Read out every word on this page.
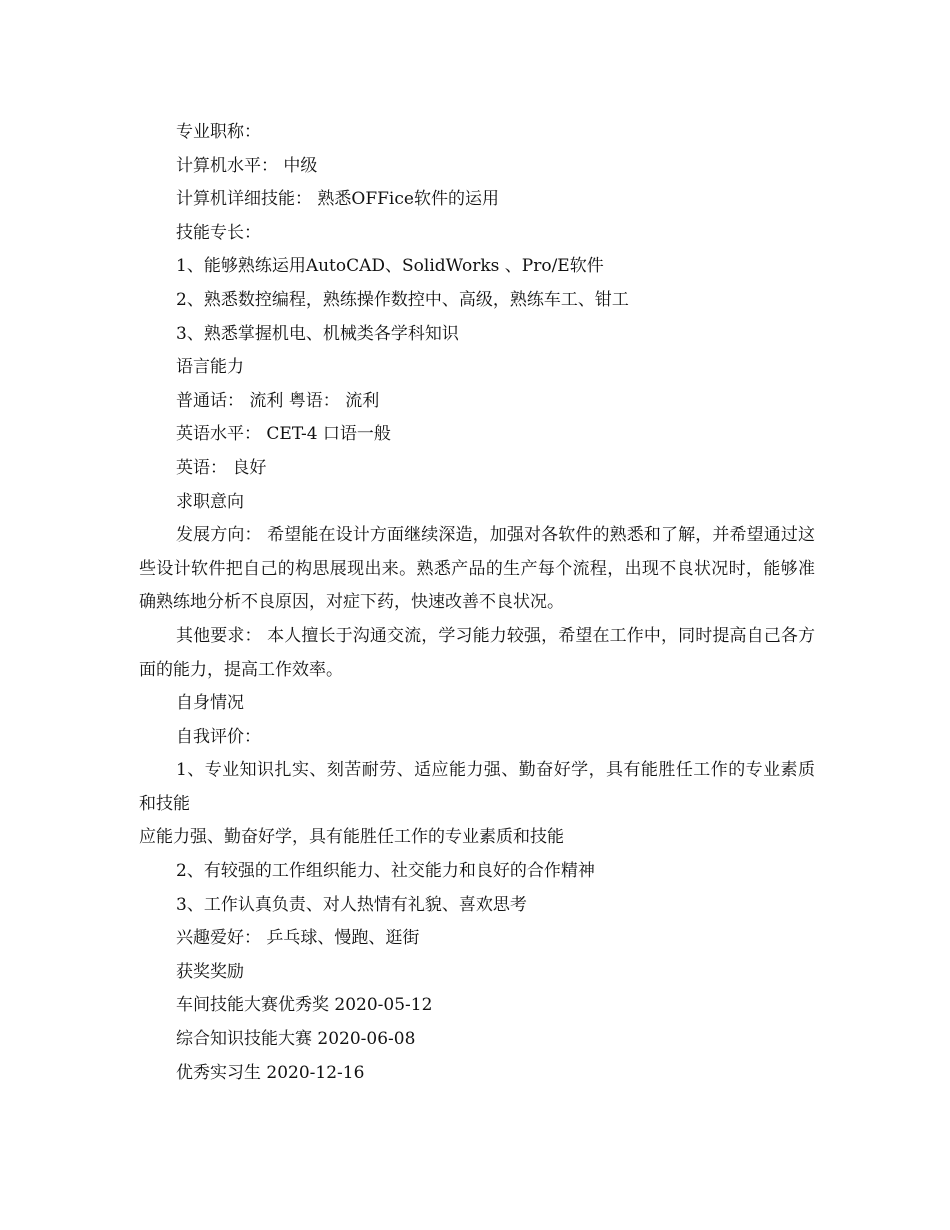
专业职称：
计算机水平： 中级
计算机详细技能： 熟悉OFFice软件的运用
技能专长：
1、能够熟练运用AutoCAD、SolidWorks 、Pro/E软件
2、熟悉数控编程，熟练操作数控中、高级，熟练车工、钳工
3、熟悉掌握机电、机械类各学科知识
语言能力
普通话： 流利 粤语： 流利
英语水平： CET-4 口语一般
英语： 良好
求职意向
发展方向： 希望能在设计方面继续深造，加强对各软件的熟悉和了解，并希望通过这些设计软件把自己的构思展现出来。熟悉产品的生产每个流程，出现不良状况时，能够准确熟练地分析不良原因，对症下药，快速改善不良状况。
其他要求： 本人擅长于沟通交流，学习能力较强，希望在工作中，同时提高自己各方面的能力，提高工作效率。
自身情况
自我评价：
1、专业知识扎实、刻苦耐劳、适应能力强、勤奋好学，具有能胜任工作的专业素质和技能
应能力强、勤奋好学，具有能胜任工作的专业素质和技能
2、有较强的工作组织能力、社交能力和良好的合作精神
3、工作认真负责、对人热情有礼貌、喜欢思考
兴趣爱好： 乒乓球、慢跑、逛街
获奖奖励
车间技能大赛优秀奖 2020-05-12
综合知识技能大赛 2020-06-08
优秀实习生 2020-12-16
